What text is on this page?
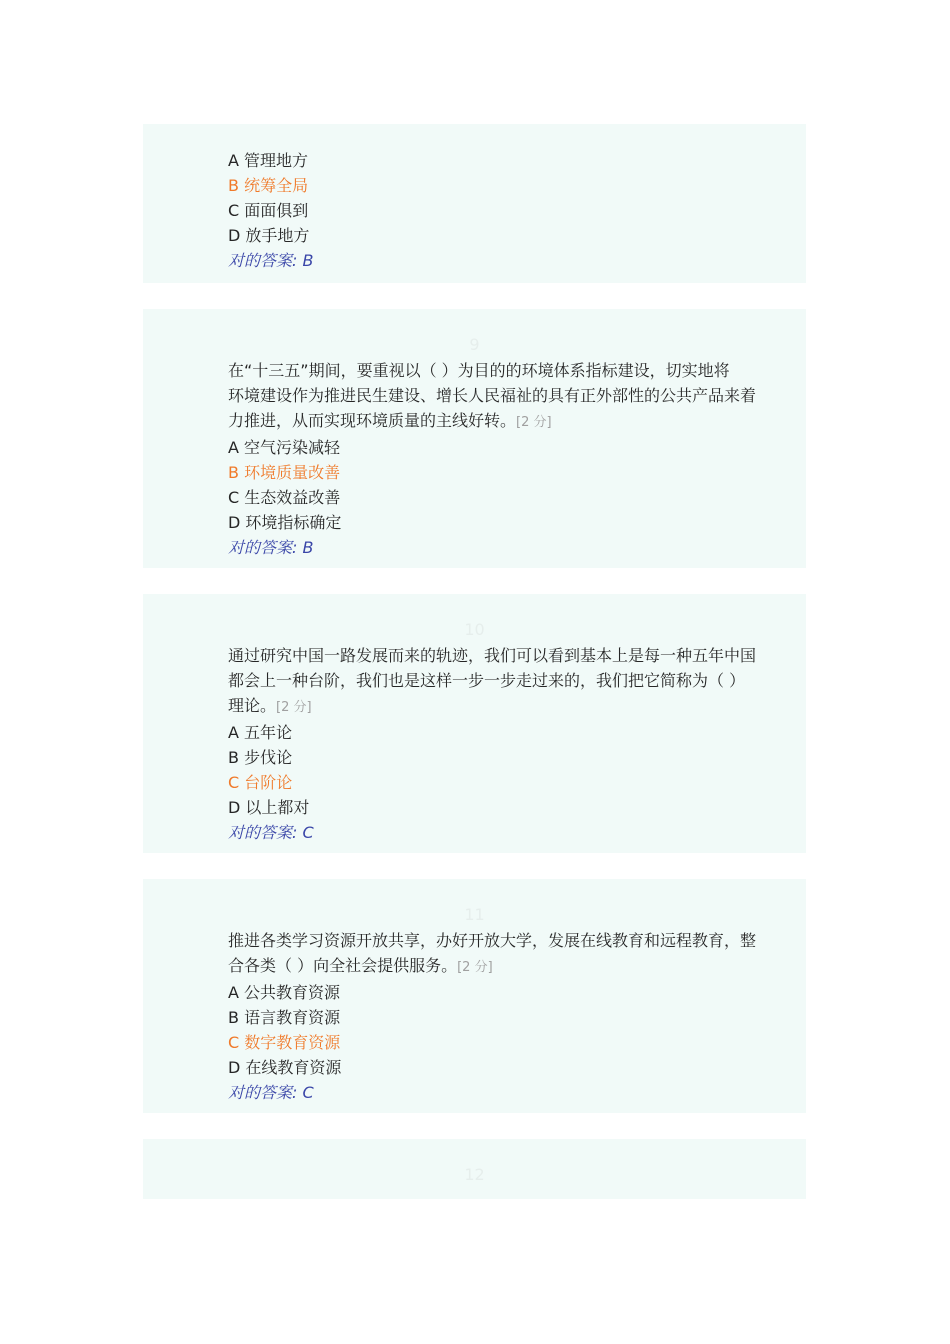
A 管理地方
B 统筹全局
C 面面俱到
D 放手地方
对的答案: B
9
在“十三五”期间，要重视以（ ）为目的的环境体系指标建设，切实地将
环境建设作为推进民生建设、增长人民福祉的具有正外部性的公共产品来着
力推进，从而实现环境质量的主线好转。[2 分]
A 空气污染减轻
B 环境质量改善
C 生态效益改善
D 环境指标确定
对的答案: B
10
通过研究中国一路发展而来的轨迹，我们可以看到基本上是每一种五年中国
都会上一种台阶，我们也是这样一步一步走过来的，我们把它简称为（ ）
理论。[2 分]
A 五年论
B 步伐论
C 台阶论
D 以上都对
对的答案: C
11
推进各类学习资源开放共享，办好开放大学，发展在线教育和远程教育，整
合各类（ ）向全社会提供服务。[2 分]
A 公共教育资源
B 语言教育资源
C 数字教育资源
D 在线教育资源
对的答案: C
12
